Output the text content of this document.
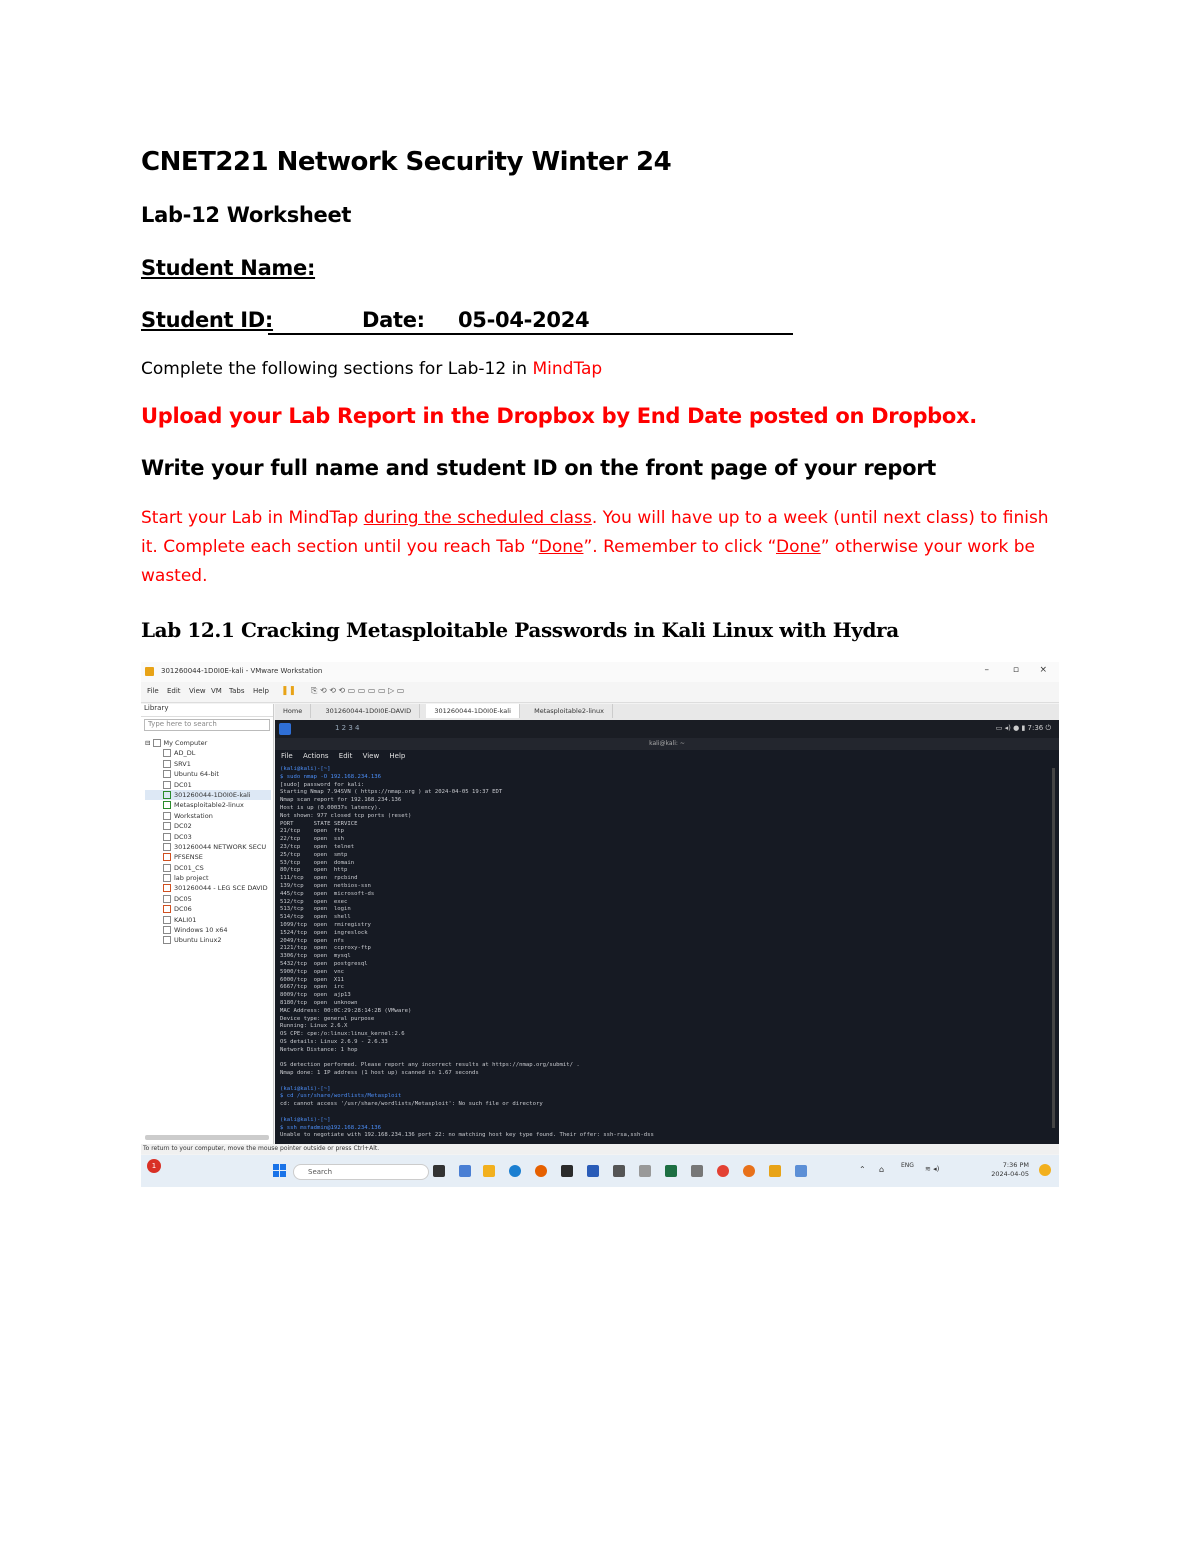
CNET221 Network Security Winter 24
Lab-12 Worksheet
Student Name:
Student ID:	Date: 05-04-2024
Complete the following sections for Lab-12 in MindTap
Upload your Lab Report in the Dropbox by End Date posted on Dropbox.
Write your full name and student ID on the front page of your report
Start your Lab in MindTap during the scheduled class. You will have up to a week (until next class) to finish it. Complete each section until you reach Tab “Done”. Remember to click “Done” otherwise your work be wasted.
Lab 12.1 Cracking Metasploitable Passwords in Kali Linux with Hydra
301260044-1D0I0E-kali - VMware Workstation	–	▫ ×
File Edit View VM Tabs Help ❚❚ ⎘ ⟲ ⟲ ⟲ ▭ ▭ ▭ ▭ ▷ ▭
Library
Type here to search
⊟ My Computer
AD_DL
SRV1
Ubuntu 64-bit
DC01
301260044-1D0I0E-kali
Metasploitable2-linux
Workstation
DC02
DC03
301260044 NETWORK SECU
PFSENSE
DC01_CS
lab project
301260044 - LEG SCE DAVID
DC05
DC06
KALI01
Windows 10 x64
Ubuntu Linux2
Home	301260044-1D0I0E-DAVID	301260044-1D0I0E-kali	Metasploitable2-linux
1 2 3 4	▭ ◂) ● ▮ 7:36 ⏻
kali@kali: ~
File Actions Edit View Help
(kali@kali)-[~]
$ sudo nmap -O 192.168.234.136
[sudo] password for kali:
Starting Nmap 7.94SVN ( https://nmap.org ) at 2024-04-05 19:37 EDT
Nmap scan report for 192.168.234.136
Host is up (0.00037s latency).
Not shown: 977 closed tcp ports (reset)
PORT      STATE SERVICE
21/tcp    open  ftp
22/tcp    open  ssh
23/tcp    open  telnet
25/tcp    open  smtp
53/tcp    open  domain
80/tcp    open  http
111/tcp   open  rpcbind
139/tcp   open  netbios-ssn
445/tcp   open  microsoft-ds
512/tcp   open  exec
513/tcp   open  login
514/tcp   open  shell
1099/tcp  open  rmiregistry
1524/tcp  open  ingreslock
2049/tcp  open  nfs
2121/tcp  open  ccproxy-ftp
3306/tcp  open  mysql
5432/tcp  open  postgresql
5900/tcp  open  vnc
6000/tcp  open  X11
6667/tcp  open  irc
8009/tcp  open  ajp13
8180/tcp  open  unknown
MAC Address: 00:0C:29:28:14:2B (VMware)
Device type: general purpose
Running: Linux 2.6.X
OS CPE: cpe:/o:linux:linux_kernel:2.6
OS details: Linux 2.6.9 - 2.6.33
Network Distance: 1 hop

OS detection performed. Please report any incorrect results at https://nmap.org/submit/ .
Nmap done: 1 IP address (1 host up) scanned in 1.67 seconds

(kali@kali)-[~]
$ cd /usr/share/wordlists/Metasploit
cd: cannot access '/usr/share/wordlists/Metasploit': No such file or directory

(kali@kali)-[~]
$ ssh msfadmin@192.168.234.136
Unable to negotiate with 192.168.234.136 port 22: no matching host key type found. Their offer: ssh-rsa,ssh-dss
To return to your computer, move the mouse pointer outside or press Ctrl+Alt.
1
Search	⌃ ⌂	ENG ≋ ◂)	7:36 PM
2024-04-05
